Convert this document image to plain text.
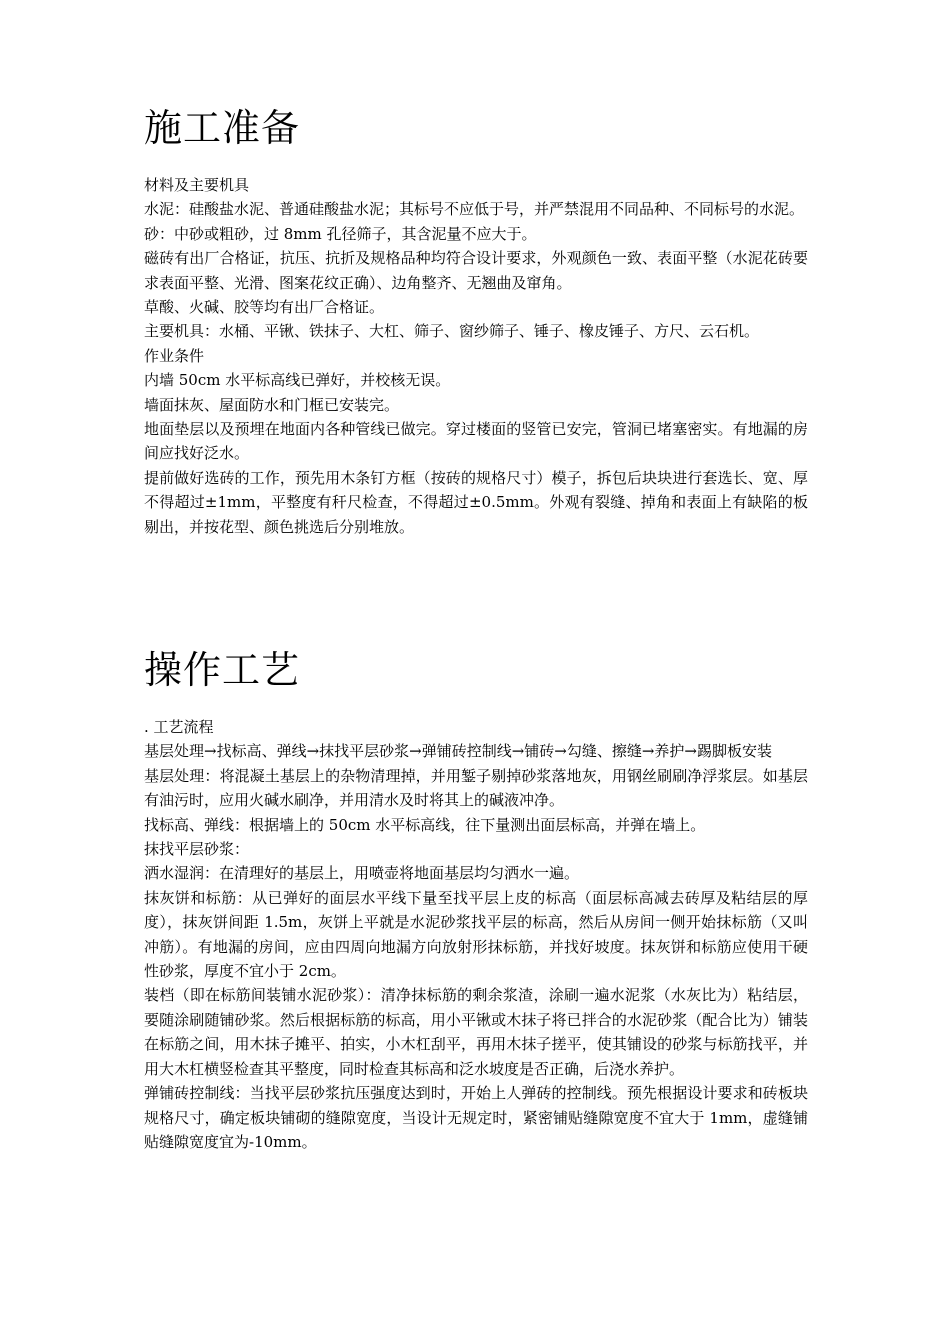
施工准备

材料及主要机具

水泥：硅酸盐水泥、普通硅酸盐水泥；其标号不应低于号，并严禁混用不同品种、不同标号的水泥。

砂：中砂或粗砂，过 8mm 孔径筛子，其含泥量不应大于。

磁砖有出厂合格证，抗压、抗折及规格品种均符合设计要求，外观颜色一致、表面平整（水泥花砖要求表面平整、光滑、图案花纹正确）、边角整齐、无翘曲及窜角。

草酸、火碱、胶等均有出厂合格证。

主要机具：水桶、平锹、铁抹子、大杠、筛子、窗纱筛子、锤子、橡皮锤子、方尺、云石机。

作业条件

内墙 50cm 水平标高线已弹好，并校核无误。

墙面抹灰、屋面防水和门框已安装完。

地面垫层以及预埋在地面内各种管线已做完。穿过楼面的竖管已安完，管洞已堵塞密实。有地漏的房间应找好泛水。

提前做好选砖的工作，预先用木条钉方框（按砖的规格尺寸）模子，拆包后块块进行套选长、宽、厚不得超过±1mm，平整度有秆尺检查，不得超过±0.5mm。外观有裂缝、掉角和表面上有缺陷的板剔出，并按花型、颜色挑选后分别堆放。

操作工艺

. 工艺流程

基层处理→找标高、弹线→抹找平层砂浆→弹铺砖控制线→铺砖→勾缝、擦缝→养护→踢脚板安装

基层处理：将混凝土基层上的杂物清理掉，并用錾子剔掉砂浆落地灰，用钢丝刷刷净浮浆层。如基层有油污时，应用火碱水刷净，并用清水及时将其上的碱液冲净。

找标高、弹线：根据墙上的 50cm 水平标高线，往下量测出面层标高，并弹在墙上。

抹找平层砂浆：

洒水湿润：在清理好的基层上，用喷壶将地面基层均匀洒水一遍。

抹灰饼和标筋：从已弹好的面层水平线下量至找平层上皮的标高（面层标高减去砖厚及粘结层的厚度），抹灰饼间距 1.5m，灰饼上平就是水泥砂浆找平层的标高，然后从房间一侧开始抹标筋（又叫冲筋）。有地漏的房间，应由四周向地漏方向放射形抹标筋，并找好坡度。抹灰饼和标筋应使用干硬性砂浆，厚度不宜小于 2cm。

装档（即在标筋间装铺水泥砂浆）：清净抹标筋的剩余浆渣，涂刷一遍水泥浆（水灰比为）粘结层，要随涂刷随铺砂浆。然后根据标筋的标高，用小平锹或木抹子将已拌合的水泥砂浆（配合比为）铺装在标筋之间，用木抹子摊平、拍实，小木杠刮平，再用木抹子搓平，使其铺设的砂浆与标筋找平，并用大木杠横竖检查其平整度，同时检查其标高和泛水坡度是否正确，后浇水养护。

弹铺砖控制线：当找平层砂浆抗压强度达到时，开始上人弹砖的控制线。预先根据设计要求和砖板块规格尺寸，确定板块铺砌的缝隙宽度，当设计无规定时，紧密铺贴缝隙宽度不宜大于 1mm，虚缝铺贴缝隙宽度宜为-10mm。
